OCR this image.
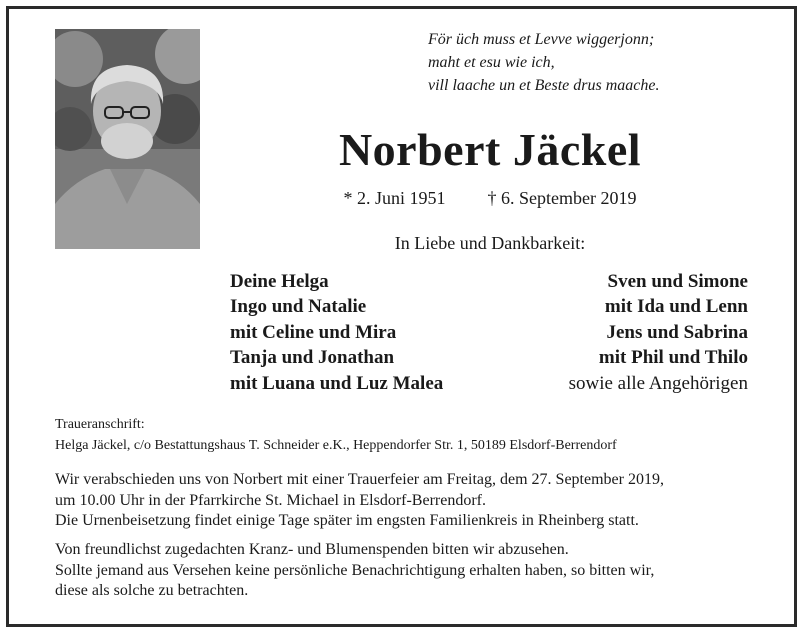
För üch muss et Levve wiggerjonn;
maht et esu wie ich,
vill laache un et Beste drus maache.
Norbert Jäckel
* 2. Juni 1951 † 6. September 2019
In Liebe und Dankbarkeit:
Deine Helga
Ingo und Natalie
mit Celine und Mira
Tanja und Jonathan
mit Luana und Luz Malea
Sven und Simone
mit Ida und Lenn
Jens und Sabrina
mit Phil und Thilo
sowie alle Angehörigen
Traueranschrift:
Helga Jäckel, c/o Bestattungshaus T. Schneider e.K., Heppendorfer Str. 1, 50189 Elsdorf-Berrendorf
Wir verabschieden uns von Norbert mit einer Trauerfeier am Freitag, dem 27. September 2019,
um 10.00 Uhr in der Pfarrkirche St. Michael in Elsdorf-Berrendorf.
Die Urnenbeisetzung findet einige Tage später im engsten Familienkreis in Rheinberg statt.
Von freundlichst zugedachten Kranz- und Blumenspenden bitten wir abzusehen.
Sollte jemand aus Versehen keine persönliche Benachrichtigung erhalten haben, so bitten wir,
diese als solche zu betrachten.
